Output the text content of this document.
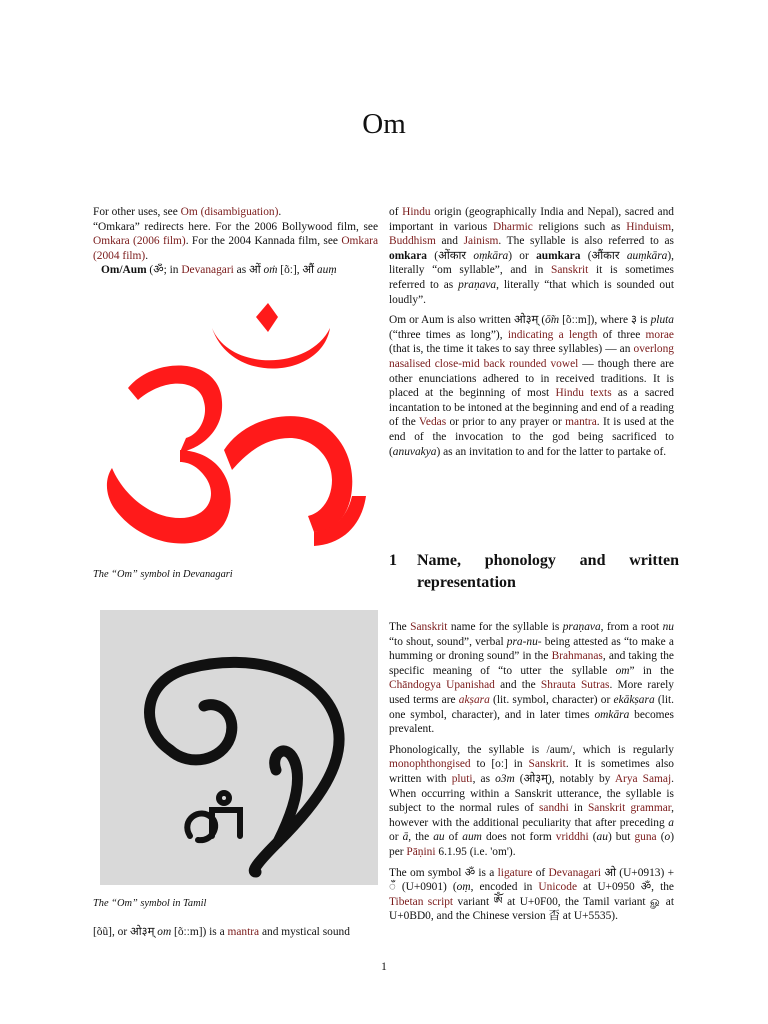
Om

For other uses, see Om (disambiguation).

“Omkara” redirects here. For the 2006 Bollywood film, see Omkara (2006 film). For the 2004 Kannada film, see Omkara (2004 film).

Om/Aum (ॐ; in Devanagari as ओं oṁ [õː], औं auṃ

The “Om” symbol in Devanagari
The “Om” symbol in Tamil
[õũ], or ओ३म् om [õːːm]) is a mantra and mystical sound

of Hindu origin (geographically India and Nepal), sacred and important in various Dharmic religions such as Hinduism, Buddhism and Jainism. The syllable is also referred to as omkara (ओंकार oṃkāra) or aumkara (औंकार auṃkāra), literally “om syllable”, and in Sanskrit it is sometimes referred to as praṇava, literally “that which is sounded out loudly”.

Om or Aum is also written ओ३म् (ō̃m [õːːm]), where ३ is pluta (“three times as long”), indicating a length of three morae (that is, the time it takes to say three syllables) — an overlong nasalised close-mid back rounded vowel — though there are other enunciations adhered to in received traditions. It is placed at the beginning of most Hindu texts as a sacred incantation to be intoned at the beginning and end of a reading of the Vedas or prior to any prayer or mantra. It is used at the end of the invocation to the god being sacrificed to (anuvakya) as an invitation to and for the latter to partake of.

1 Name, phonology and written representation

The Sanskrit name for the syllable is praṇava, from a root nu “to shout, sound”, verbal pra-nu- being attested as “to make a humming or droning sound” in the Brahmanas, and taking the specific meaning of “to utter the syllable om” in the Chāndogya Upanishad and the Shrauta Sutras. More rarely used terms are akṣara (lit. symbol, character) or ekākṣara (lit. one symbol, character), and in later times omkāra becomes prevalent.

Phonologically, the syllable is /aum/, which is regularly monophthongised to [oː] in Sanskrit. It is sometimes also written with pluti, as o3m (ओ३म्), notably by Arya Samaj. When occurring within a Sanskrit utterance, the syllable is subject to the normal rules of sandhi in Sanskrit grammar, however with the additional peculiarity that after preceding a or ā, the au of aum does not form vriddhi (au) but guna (o) per Pāṇini 6.1.95 (i.e. 'om').

The om symbol ॐ is a ligature of Devanagari ओ (U+0913) + ँ (U+0901) (oṃ, encoded in Unicode at U+0950 ॐ, the Tibetan script variant ༀ at U+0F00, the Tamil variant ௐ at U+0BD0, and the Chinese version 㫘 at U+5535).

1
